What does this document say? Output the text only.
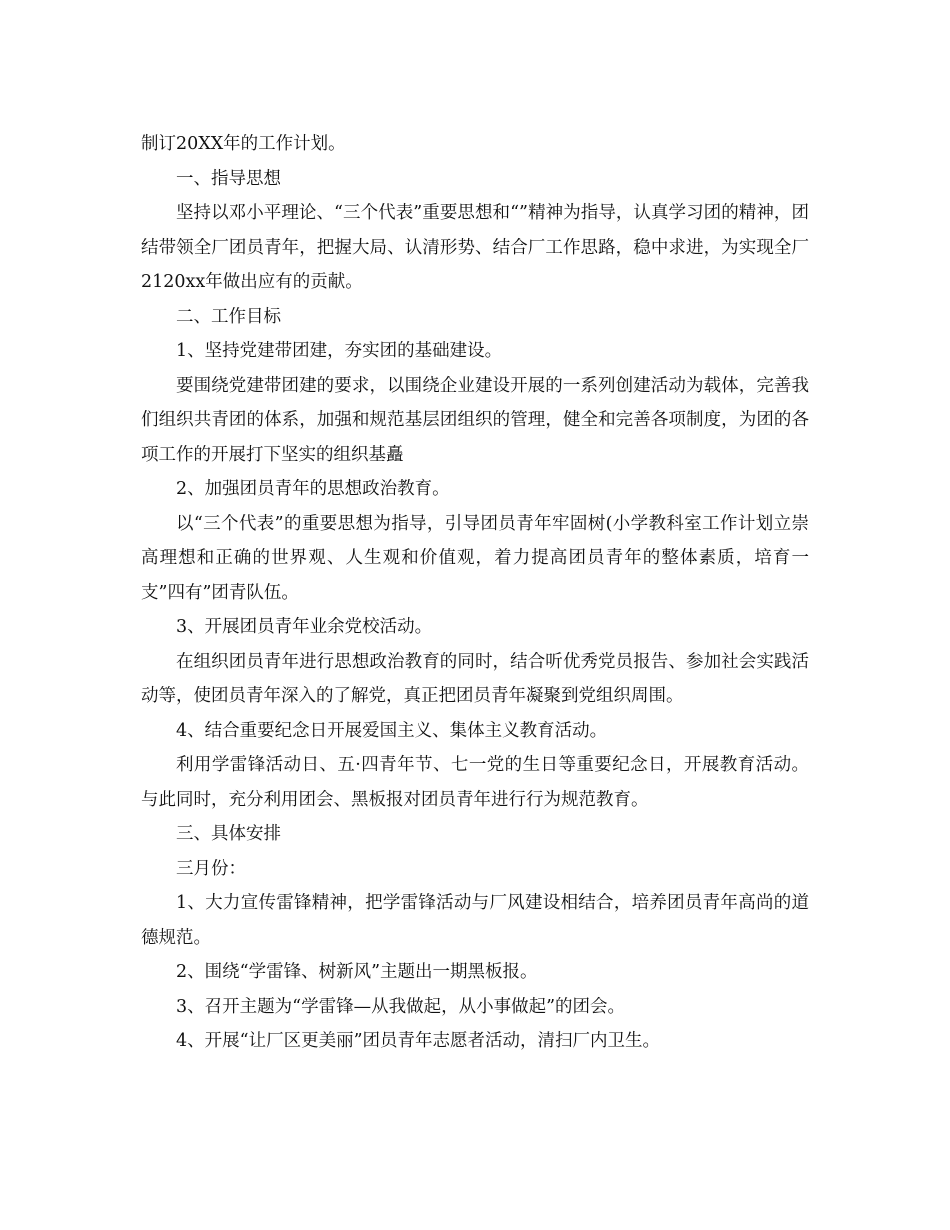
制订20XX年的工作计划。

一、指导思想

坚持以邓小平理论、“三个代表”重要思想和“”精神为指导，认真学习团的精神，团结带领全厂团员青年，把握大局、认清形势、结合厂工作思路，稳中求进，为实现全厂2120xx年做出应有的贡献。

二、工作目标

1、坚持党建带团建，夯实团的基础建设。

要围绕党建带团建的要求，以围绕企业建设开展的一系列创建活动为载体，完善我们组织共青团的体系，加强和规范基层团组织的管理，健全和完善各项制度，为团的各项工作的开展打下坚实的组织基矗

2、加强团员青年的思想政治教育。

以“三个代表”的重要思想为指导，引导团员青年牢固树(小学教科室工作计划立崇高理想和正确的世界观、人生观和价值观，着力提高团员青年的整体素质，培育一支”四有”团青队伍。

3、开展团员青年业余党校活动。

在组织团员青年进行思想政治教育的同时，结合听优秀党员报告、参加社会实践活动等，使团员青年深入的了解党，真正把团员青年凝聚到党组织周围。

4、结合重要纪念日开展爱国主义、集体主义教育活动。

利用学雷锋活动日、五·四青年节、七一党的生日等重要纪念日，开展教育活动。与此同时，充分利用团会、黑板报对团员青年进行行为规范教育。

三、具体安排

三月份：

1、大力宣传雷锋精神，把学雷锋活动与厂风建设相结合，培养团员青年高尚的道德规范。

2、围绕“学雷锋、树新风”主题出一期黑板报。

3、召开主题为“学雷锋—从我做起，从小事做起”的团会。

4、开展“让厂区更美丽”团员青年志愿者活动，清扫厂内卫生。
